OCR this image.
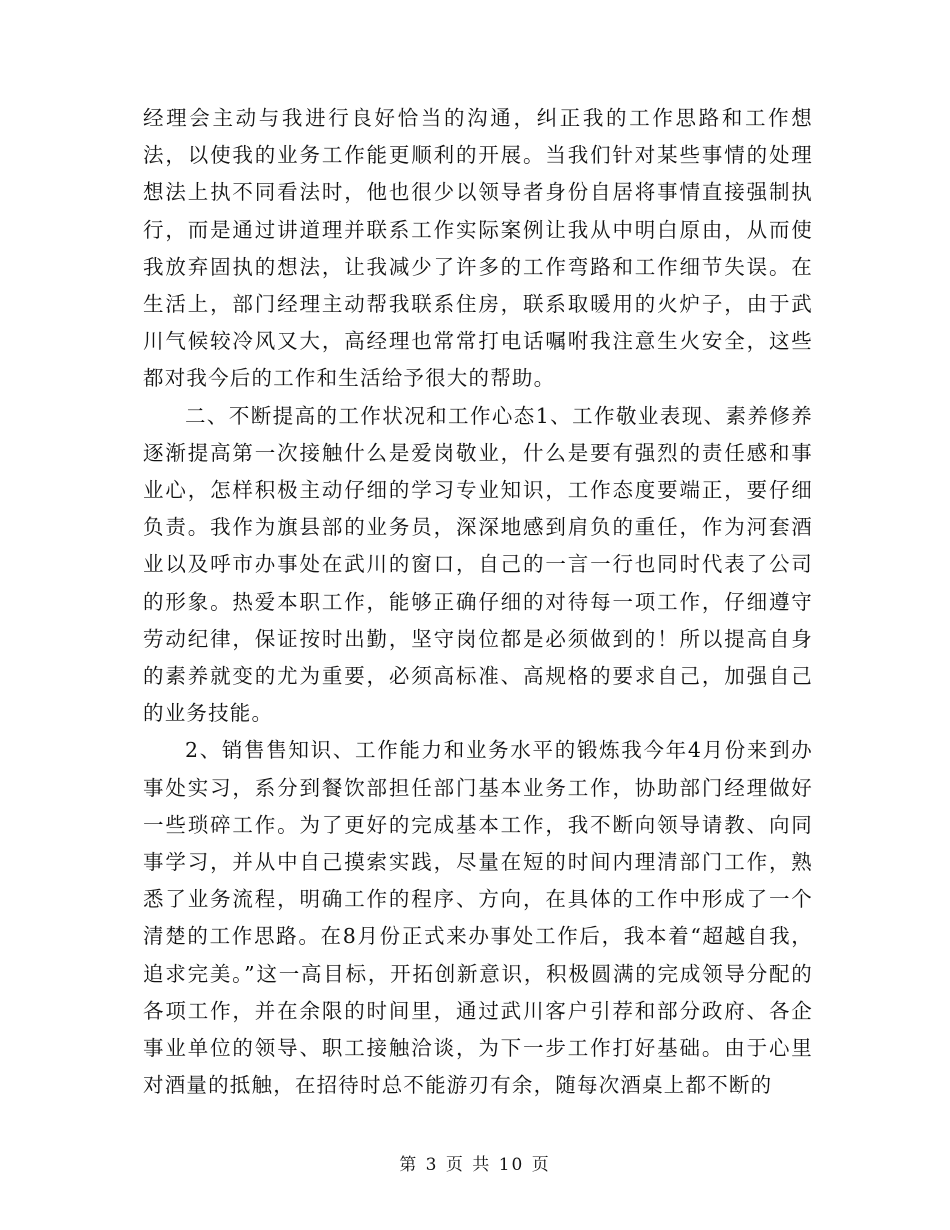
经理会主动与我进行良好恰当的沟通，纠正我的工作思路和工作想法，以使我的业务工作能更顺利的开展。当我们针对某些事情的处理想法上执不同看法时，他也很少以领导者身份自居将事情直接强制执行，而是通过讲道理并联系工作实际案例让我从中明白原由，从而使我放弃固执的想法，让我减少了许多的工作弯路和工作细节失误。在生活上，部门经理主动帮我联系住房，联系取暖用的火炉子，由于武川气候较冷风又大，高经理也常常打电话嘱咐我注意生火安全，这些都对我今后的工作和生活给予很大的帮助。

二、不断提高的工作状况和工作心态1、工作敬业表现、素养修养逐渐提高第一次接触什么是爱岗敬业，什么是要有强烈的责任感和事业心，怎样积极主动仔细的学习专业知识，工作态度要端正，要仔细负责。我作为旗县部的业务员，深深地感到肩负的重任，作为河套酒业以及呼市办事处在武川的窗口，自己的一言一行也同时代表了公司的形象。热爱本职工作，能够正确仔细的对待每一项工作，仔细遵守劳动纪律，保证按时出勤，坚守岗位都是必须做到的！所以提高自身的素养就变的尤为重要，必须高标准、高规格的要求自己，加强自己的业务技能。

2、销售售知识、工作能力和业务水平的锻炼我今年4月份来到办事处实习，系分到餐饮部担任部门基本业务工作，协助部门经理做好一些琐碎工作。为了更好的完成基本工作，我不断向领导请教、向同事学习，并从中自己摸索实践，尽量在短的时间内理清部门工作，熟悉了业务流程，明确工作的程序、方向，在具体的工作中形成了一个清楚的工作思路。在8月份正式来办事处工作后，我本着“超越自我，追求完美。”这一高目标，开拓创新意识，积极圆满的完成领导分配的各项工作，并在余限的时间里，通过武川客户引荐和部分政府、各企事业单位的领导、职工接触洽谈，为下一步工作打好基础。由于心里对酒量的抵触，在招待时总不能游刃有余，随每次酒桌上都不断的

第 3 页 共 10 页
